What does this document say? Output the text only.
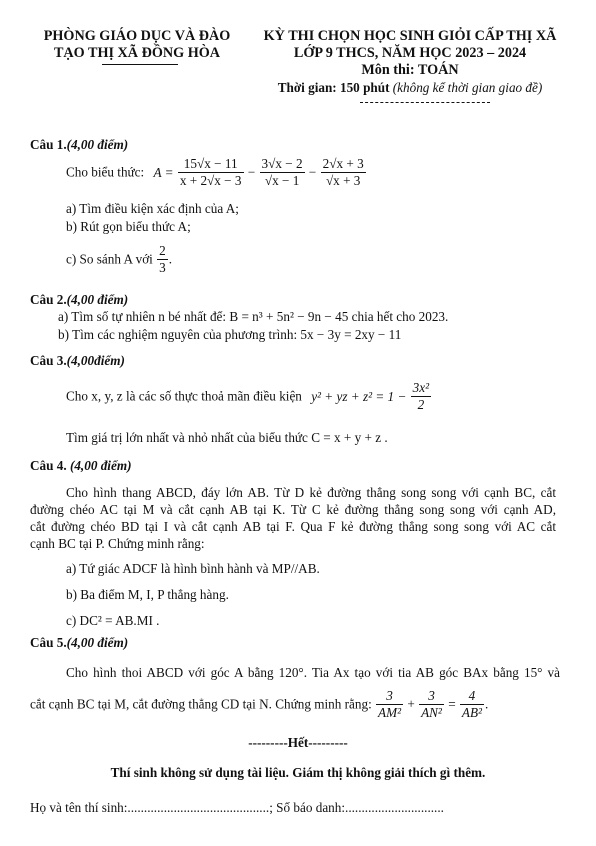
PHÒNG GIÁO DỤC VÀ ĐÀO
TẠO THỊ XÃ ĐỒNG HÒA
KỲ THI CHỌN HỌC SINH GIỎI CẤP THỊ XÃ
LỚP 9 THCS, NĂM HỌC 2023 – 2024
Môn thi: TOÁN
Thời gian: 150 phút (không kể thời gian giao đề)
Câu 1.(4,00 điểm)
Cho biểu thức: $A = \frac{15√x - 11}{x + 2√x - 3} - \frac{3√x - 2}{√x - 1} - \frac{2√x + 3}{√x + 3}$
a) Tìm điều kiện xác định của A;
b) Rút gọn biểu thức A;
c) So sánh A với $\frac{2}{3}$ .
Câu 2.(4,00 điểm)
a) Tìm số tự nhiên n bé nhất để: B = n³ + 5n² − 9n − 45 chia hết cho 2023.
b) Tìm các nghiệm nguyên của phương trình: 5x − 3y = 2xy − 11
Câu 3.(4,00điểm)
Cho x, y, z là các số thực thoả mãn điều kiện y² + yz + $z^2 = 1 - \frac{\text{3x²}}{2}$
Tìm giá trị lớn nhất và nhỏ nhất của biểu thức C = x + y + z .
Câu 4. (4,00 điểm)
Cho hình thang ABCD, đáy lớn AB. Từ D kẻ đường thẳng song song với cạnh BC, cắt
đường chéo AC tại M và cắt cạnh AB tại K. Từ C kẻ đường thẳng song song với cạnh AD,
cắt đường chéo BD tại I và cắt cạnh AB tại F. Qua F kẻ đường thẳng song song với AC cắt
cạnh BC tại P. Chứng minh rằng:
a) Tứ giác ADCF là hình bình hành và MP//AB.
b) Ba điểm M, I, P thẳng hàng.
c) DC² = AB.MI .
Câu 5.(4,00 điểm)
Cho hình thoi ABCD với góc A bằng 120°. Tia Ax tạo với tia AB góc BAx bằng 15° và
cắt cạnh BC tại M, cắt đường thẳng CD tại N. Chứng minh rằng: $\frac{3}{\text{AM²}} + \frac{3}{\text{AN²}} = \frac{4}{\text{AB²}}$ .
---------Hết---------
Thí sinh không sử dụng tài liệu. Giám thị không giải thích gì thêm.
Họ và tên thí sinh:...........................................; Số báo danh:..............................
